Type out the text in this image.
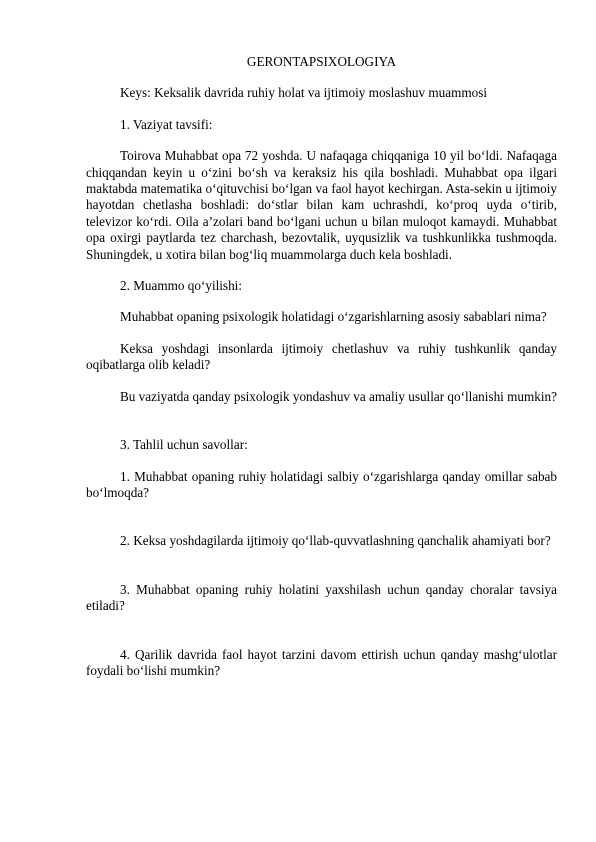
GERONTAPSIXOLOGIYA

Keys: Keksalik davrida ruhiy holat va ijtimoiy moslashuv muammosi

1. Vaziyat tavsifi:

Toirova Muhabbat opa 72 yoshda. U nafaqaga chiqqaniga 10 yil bo‘ldi. Nafaqaga chiqqandan keyin u o‘zini bo‘sh va keraksiz his qila boshladi. Muhabbat opa ilgari maktabda matematika o‘qituvchisi bo‘lgan va faol hayot kechirgan. Asta-sekin u ijtimoiy hayotdan chetlasha boshladi: do‘stlar bilan kam uchrashdi, ko‘proq uyda o‘tirib, televizor ko‘rdi. Oila a’zolari band bo‘lgani uchun u bilan muloqot kamaydi. Muhabbat opa oxirgi paytlarda tez charchash, bezovtalik, uyqusizlik va tushkunlikka tushmoqda. Shuningdek, u xotira bilan bog‘liq muammolarga duch kela boshladi.

2. Muammo qo‘yilishi:

Muhabbat opaning psixologik holatidagi o‘zgarishlarning asosiy sabablari nima?

Keksa yoshdagi insonlarda ijtimoiy chetlashuv va ruhiy tushkunlik qanday oqibatlarga olib keladi?

Bu vaziyatda qanday psixologik yondashuv va amaliy usullar qo‘llanishi mumkin?

3. Tahlil uchun savollar:

1. Muhabbat opaning ruhiy holatidagi salbiy o‘zgarishlarga qanday omillar sabab bo‘lmoqda?

2. Keksa yoshdagilarda ijtimoiy qo‘llab-quvvatlashning qanchalik ahamiyati bor?

3. Muhabbat opaning ruhiy holatini yaxshilash uchun qanday choralar tavsiya etiladi?

4. Qarilik davrida faol hayot tarzini davom ettirish uchun qanday mashg‘ulotlar foydali bo‘lishi mumkin?
